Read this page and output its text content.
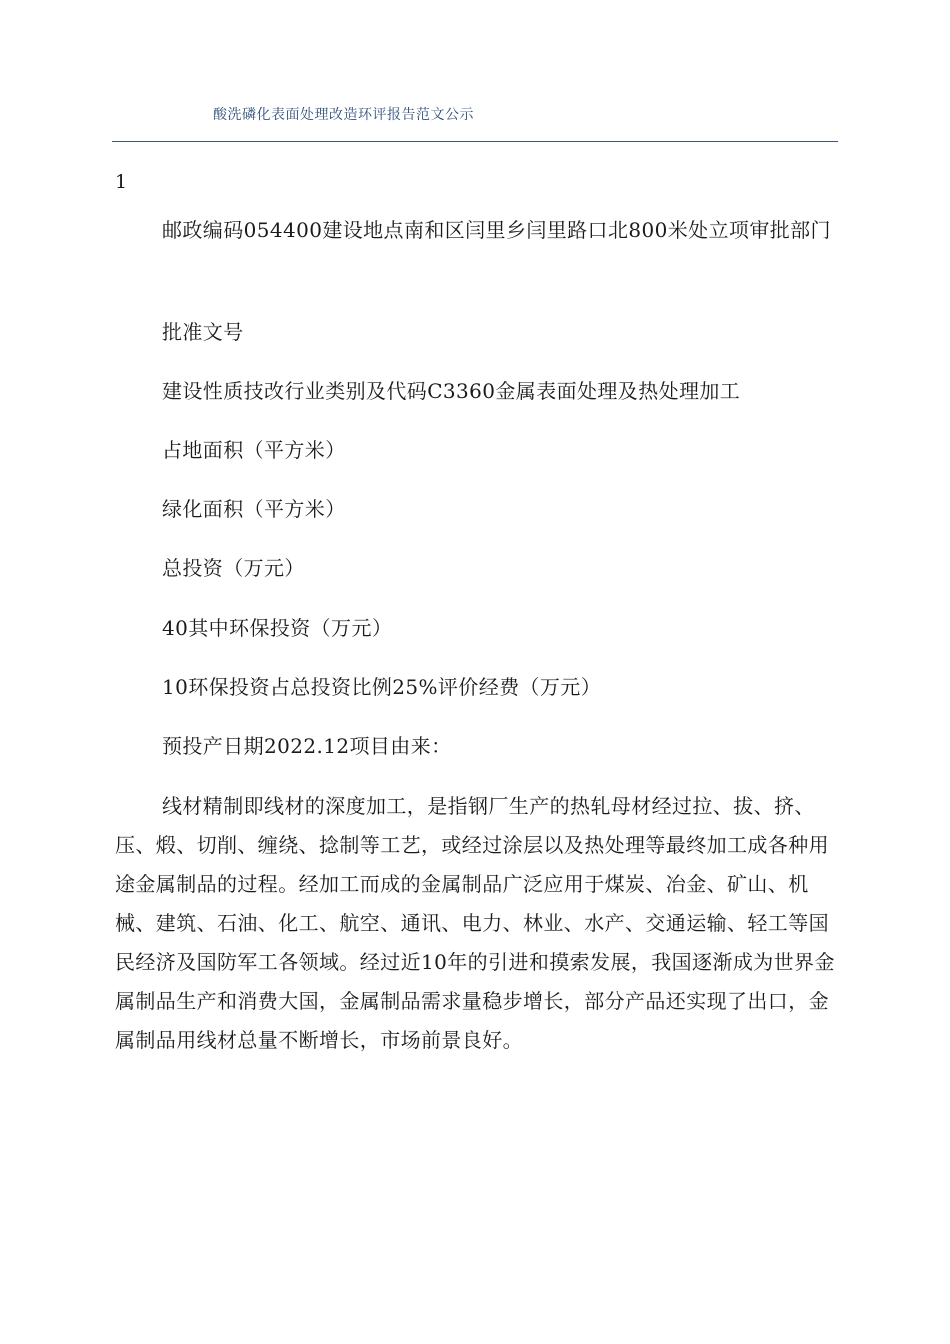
酸洗磷化表面处理改造环评报告范文公示
1

邮政编码054400建设地点南和区闫里乡闫里路口北800米处立项审批部门

批准文号

建设性质技改行业类别及代码C3360金属表面处理及热处理加工

占地面积（平方米）

绿化面积（平方米）

总投资（万元）

40其中环保投资（万元）

10环保投资占总投资比例25%评价经费（万元）

预投产日期2022.12项目由来：

线材精制即线材的深度加工，是指钢厂生产的热轧母材经过拉、拔、挤、压、煅、切削、缠绕、捻制等工艺，或经过涂层以及热处理等最终加工成各种用途金属制品的过程。经加工而成的金属制品广泛应用于煤炭、冶金、矿山、机械、建筑、石油、化工、航空、通讯、电力、林业、水产、交通运输、轻工等国民经济及国防军工各领域。经过近10年的引进和摸索发展，我国逐渐成为世界金属制品生产和消费大国，金属制品需求量稳步增长，部分产品还实现了出口，金属制品用线材总量不断增长，市场前景良好。
